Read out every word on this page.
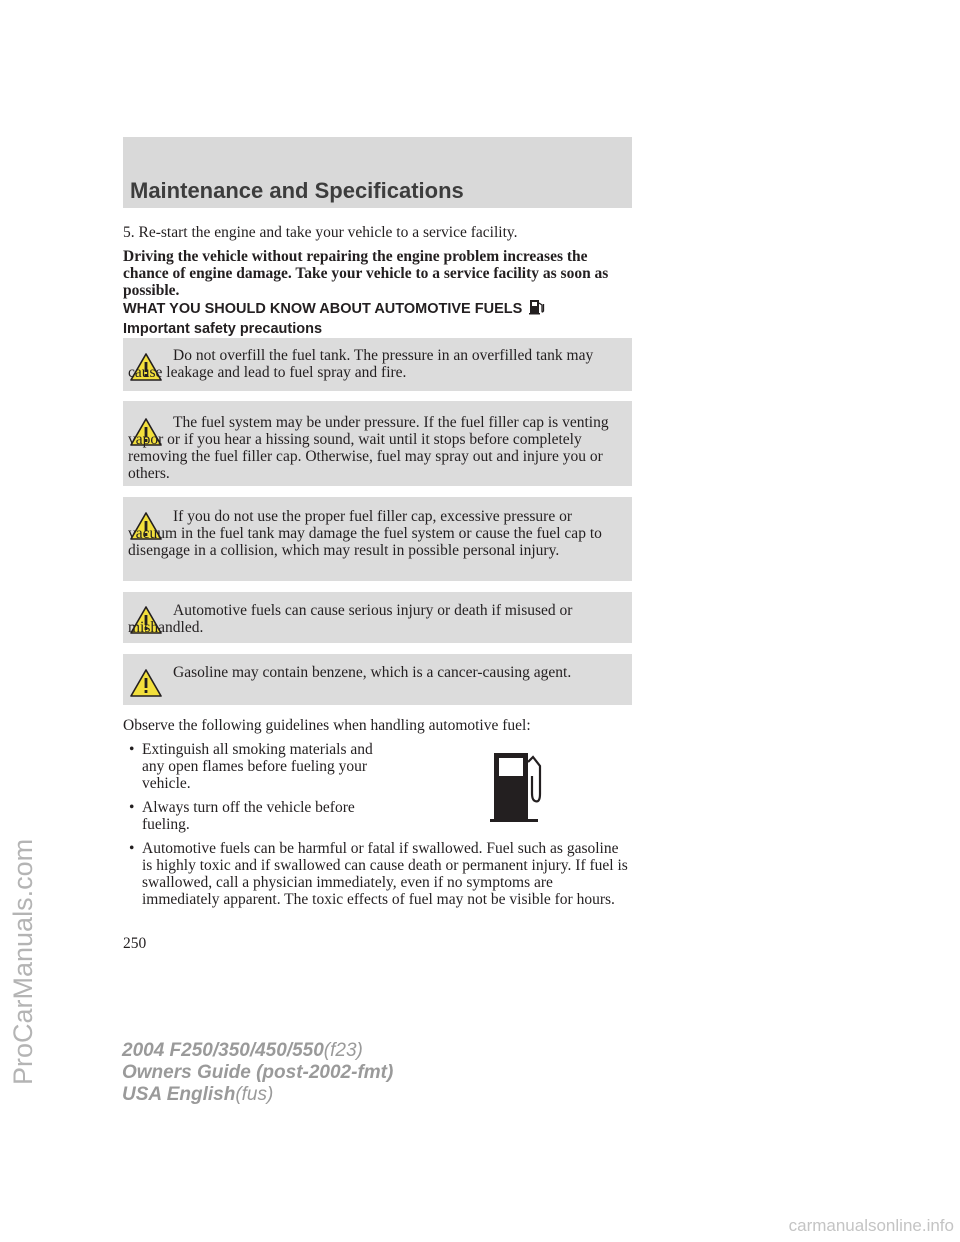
Maintenance and Specifications
5. Re-start the engine and take your vehicle to a service facility.
Driving the vehicle without repairing the engine problem increases the chance of engine damage. Take your vehicle to a service facility as soon as possible.
WHAT YOU SHOULD KNOW ABOUT AUTOMOTIVE FUELS
Important safety precautions

Do not overfill the fuel tank. The pressure in an overfilled tank may cause leakage and lead to fuel spray and fire.

The fuel system may be under pressure. If the fuel filler cap is venting vapor or if you hear a hissing sound, wait until it stops before completely removing the fuel filler cap. Otherwise, fuel may spray out and injure you or others.

If you do not use the proper fuel filler cap, excessive pressure or vacuum in the fuel tank may damage the fuel system or cause the fuel cap to disengage in a collision, which may result in possible personal injury.

Automotive fuels can cause serious injury or death if misused or mishandled.

Gasoline may contain benzene, which is a cancer-causing agent.

Observe the following guidelines when handling automotive fuel:
• Extinguish all smoking materials and any open flames before fueling your vehicle.
• Always turn off the vehicle before fueling.
• Automotive fuels can be harmful or fatal if swallowed. Fuel such as gasoline is highly toxic and if swallowed can cause death or permanent injury. If fuel is swallowed, call a physician immediately, even if no symptoms are immediately apparent. The toxic effects of fuel may not be visible for hours.
250
2004 F250/350/450/550(f23)
Owners Guide (post-2002-fmt)
USA English(fus)
ProCarManuals.com
carmanualsonline.info
